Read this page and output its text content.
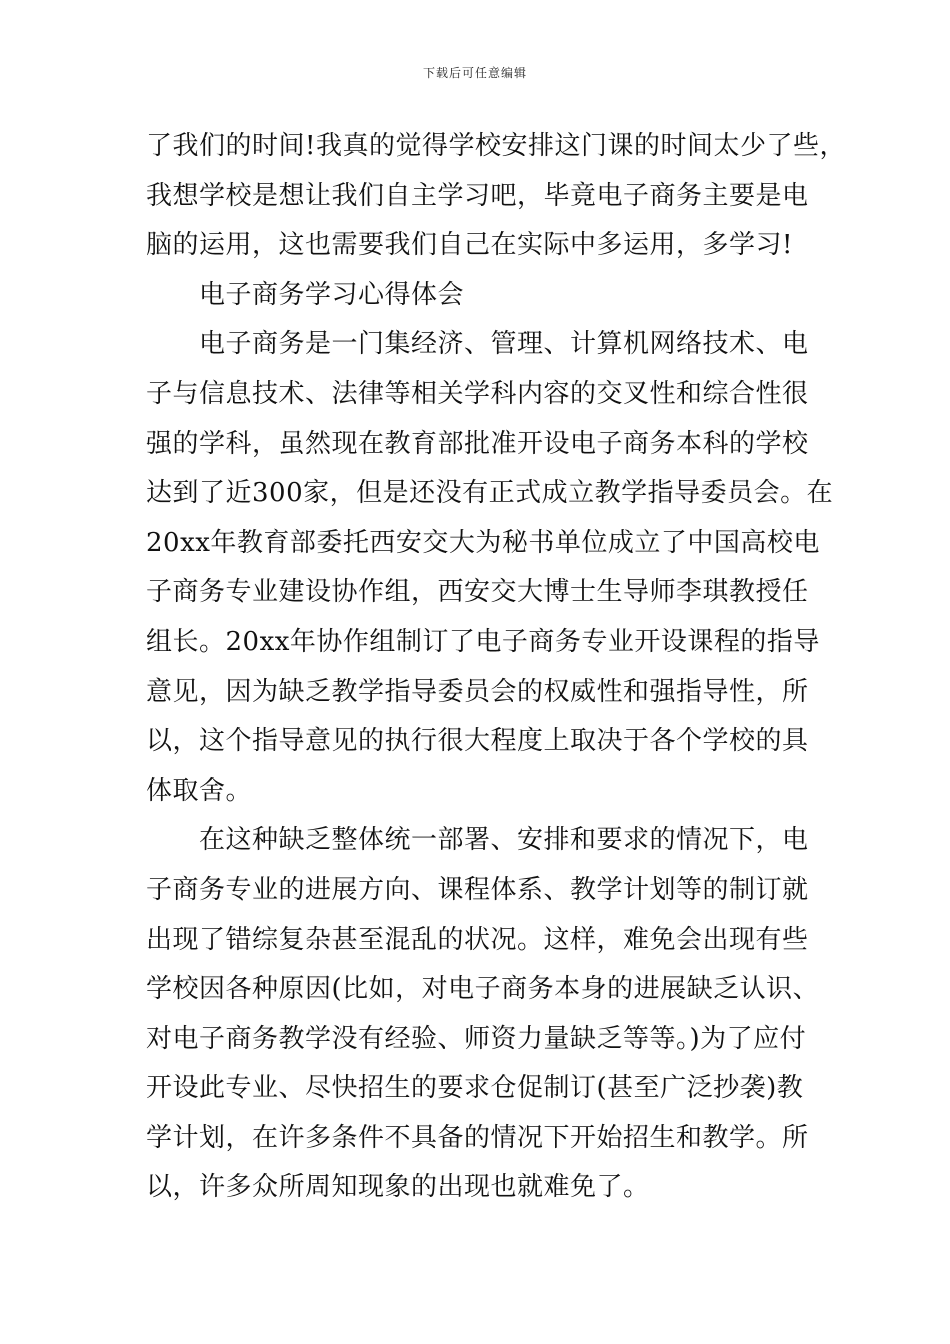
下载后可任意编辑
了我们的时间!我真的觉得学校安排这门课的时间太少了些，
我想学校是想让我们自主学习吧，毕竟电子商务主要是电
脑的运用，这也需要我们自己在实际中多运用，多学习!
电子商务学习心得体会
电子商务是一门集经济、管理、计算机网络技术、电
子与信息技术、法律等相关学科内容的交叉性和综合性很
强的学科，虽然现在教育部批准开设电子商务本科的学校
达到了近300家，但是还没有正式成立教学指导委员会。在
20xx年教育部委托西安交大为秘书单位成立了中国高校电
子商务专业建设协作组，西安交大博士生导师李琪教授任
组长。20xx年协作组制订了电子商务专业开设课程的指导
意见，因为缺乏教学指导委员会的权威性和强指导性，所
以，这个指导意见的执行很大程度上取决于各个学校的具
体取舍。
在这种缺乏整体统一部署、安排和要求的情况下，电
子商务专业的进展方向、课程体系、教学计划等的制订就
出现了错综复杂甚至混乱的状况。这样，难免会出现有些
学校因各种原因(比如，对电子商务本身的进展缺乏认识、
对电子商务教学没有经验、师资力量缺乏等等。)为了应付
开设此专业、尽快招生的要求仓促制订(甚至广泛抄袭)教
学计划，在许多条件不具备的情况下开始招生和教学。所
以，许多众所周知现象的出现也就难免了。
